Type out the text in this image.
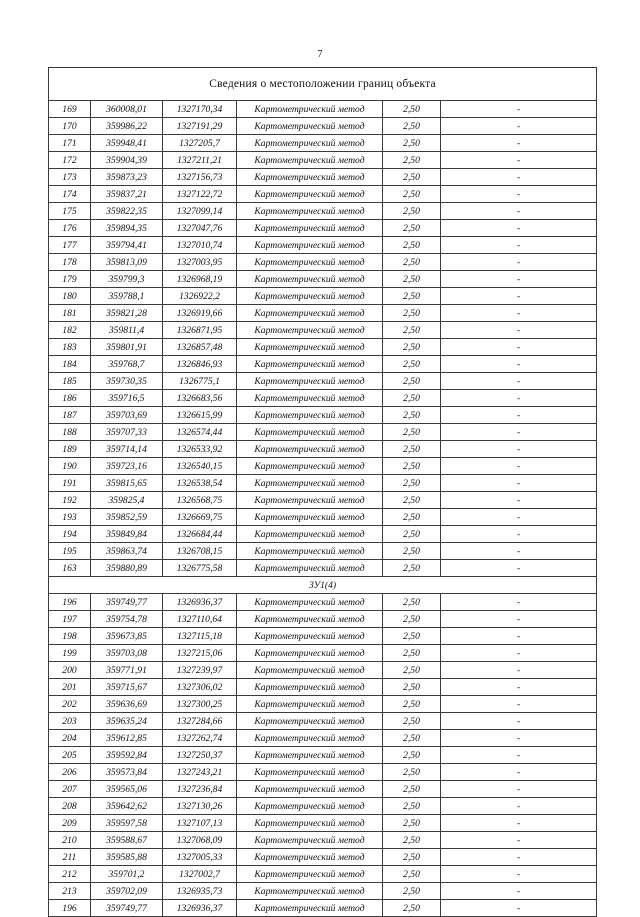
7
Сведения о местоположении границ объекта					
169	360008,01	1327170,34	Картометрический метод	2,50	-
170	359986,22	1327191,29	Картометрический метод	2,50	-
171	359948,41	1327205,7	Картометрический метод	2,50	-
172	359904,39	1327211,21	Картометрический метод	2,50	-
173	359873,23	1327156,73	Картометрический метод	2,50	-
174	359837,21	1327122,72	Картометрический метод	2,50	-
175	359822,35	1327099,14	Картометрический метод	2,50	-
176	359894,35	1327047,76	Картометрический метод	2,50	-
177	359794,41	1327010,74	Картометрический метод	2,50	-
178	359813,09	1327003,95	Картометрический метод	2,50	-
179	359799,3	1326968,19	Картометрический метод	2,50	-
180	359788,1	1326922,2	Картометрический метод	2,50	-
181	359821,28	1326919,66	Картометрический метод	2,50	-
182	359811,4	1326871,95	Картометрический метод	2,50	-
183	359801,91	1326857,48	Картометрический метод	2,50	-
184	359768,7	1326846,93	Картометрический метод	2,50	-
185	359730,35	1326775,1	Картометрический метод	2,50	-
186	359716,5	1326683,56	Картометрический метод	2,50	-
187	359703,69	1326615,99	Картометрический метод	2,50	-
188	359707,33	1326574,44	Картометрический метод	2,50	-
189	359714,14	1326533,92	Картометрический метод	2,50	-
190	359723,16	1326540,15	Картометрический метод	2,50	-
191	359815,65	1326538,54	Картометрический метод	2,50	-
192	359825,4	1326568,75	Картометрический метод	2,50	-
193	359852,59	1326669,75	Картометрический метод	2,50	-
194	359849,84	1326684,44	Картометрический метод	2,50	-
195	359863,74	1326708,15	Картометрический метод	2,50	-
163	359880,89	1326775,58	Картометрический метод	2,50	-
ЗУ1(4)					
196	359749,77	1326936,37	Картометрический метод	2,50	-
197	359754,78	1327110,64	Картометрический метод	2,50	-
198	359673,85	1327115,18	Картометрический метод	2,50	-
199	359703,08	1327215,06	Картометрический метод	2,50	-
200	359771,91	1327239,97	Картометрический метод	2,50	-
201	359715,67	1327306,02	Картометрический метод	2,50	-
202	359636,69	1327300,25	Картометрический метод	2,50	-
203	359635,24	1327284,66	Картометрический метод	2,50	-
204	359612,85	1327262,74	Картометрический метод	2,50	-
205	359592,84	1327250,37	Картометрический метод	2,50	-
206	359573,84	1327243,21	Картометрический метод	2,50	-
207	359565,06	1327236,84	Картометрический метод	2,50	-
208	359642,62	1327130,26	Картометрический метод	2,50	-
209	359597,58	1327107,13	Картометрический метод	2,50	-
210	359588,67	1327068,09	Картометрический метод	2,50	-
211	359585,88	1327005,33	Картометрический метод	2,50	-
212	359701,2	1327002,7	Картометрический метод	2,50	-
213	359702,09	1326935,73	Картометрический метод	2,50	-
196	359749,77	1326936,37	Картометрический метод	2,50	-
